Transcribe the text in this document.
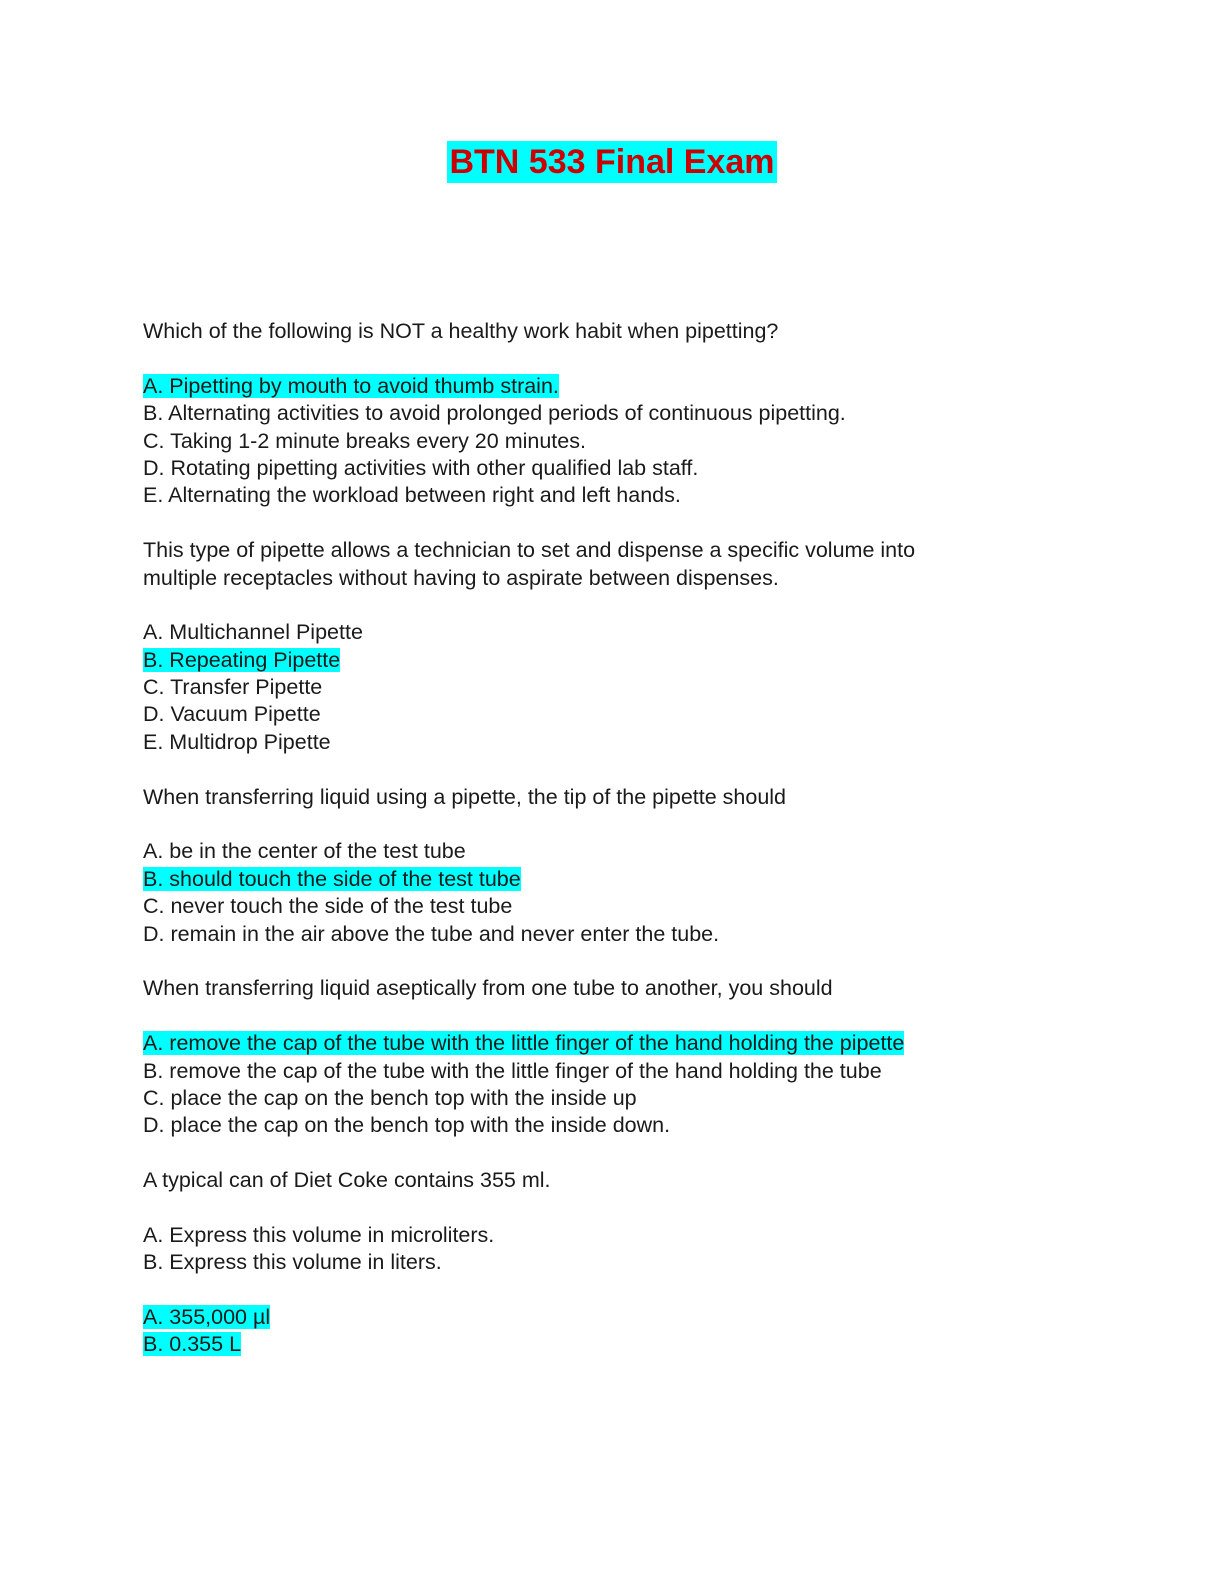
BTN 533 Final Exam
Which of the following is NOT a healthy work habit when pipetting?
A. Pipetting by mouth to avoid thumb strain.
B. Alternating activities to avoid prolonged periods of continuous pipetting.
C. Taking 1-2 minute breaks every 20 minutes.
D. Rotating pipetting activities with other qualified lab staff.
E. Alternating the workload between right and left hands.
This type of pipette allows a technician to set and dispense a specific volume into
multiple receptacles without having to aspirate between dispenses.
A. Multichannel Pipette
B. Repeating Pipette
C. Transfer Pipette
D. Vacuum Pipette
E. Multidrop Pipette
When transferring liquid using a pipette, the tip of the pipette should
A. be in the center of the test tube
B. should touch the side of the test tube
C. never touch the side of the test tube
D. remain in the air above the tube and never enter the tube.
When transferring liquid aseptically from one tube to another, you should
A. remove the cap of the tube with the little finger of the hand holding the pipette
B. remove the cap of the tube with the little finger of the hand holding the tube
C. place the cap on the bench top with the inside up
D. place the cap on the bench top with the inside down.
A typical can of Diet Coke contains 355 ml.
A. Express this volume in microliters.
B. Express this volume in liters.
A. 355,000 µl
B. 0.355 L
